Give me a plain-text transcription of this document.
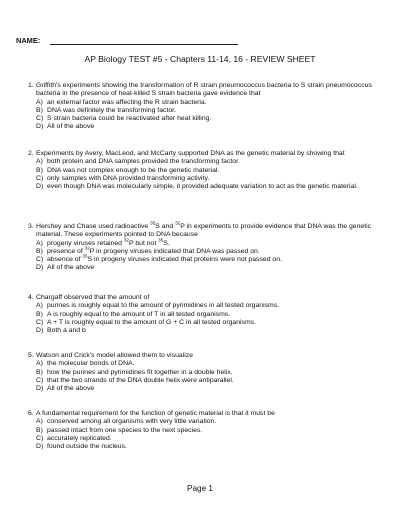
NAME:
AP Biology TEST #5 - Chapters 11-14, 16 - REVIEW SHEET
1. Griffith's experiments showing the transformation of R strain pneumococcus bacteria to S strain pneumococcus bacteria in the presence of heat-killed S strain bacteria gave evidence that
A) an external factor was affecting the R strain bacteria.
B) DNA was definitely the transforming factor.
C) S strain bacteria could be reactivated after heat killing.
D) All of the above
2. Experiments by Avery, MacLeod, and McCarty supported DNA as the genetic material by showing that
A) both protein and DNA samples provided the transforming factor.
B) DNA was not complex enough to be the genetic material.
C) only samples with DNA provided transforming activity.
D) even though DNA was molecularly simple, it provided adequate variation to act as the genetic material.
3. Hershey and Chase used radioactive $^{35}$S and $^{32}$P in experiments to provide evidence that DNA was the genetic material. These experiments pointed to DNA because
A) progeny viruses retained $^{32}$P but not $^{35}$S.
B) presence of $^{32}$P in progeny viruses indicated that DNA was passed on.
C) absence of $^{35}$S in progeny viruses indicated that proteins were not passed on.
D) All of the above
4. Chargaff observed that the amount of
A) purines is roughly equal to the amount of pyrimidines in all tested organisms.
B) A is roughly equal to the amount of T in all tested organisms.
C) A + T is roughly equal to the amount of G + C in all tested organisms.
D) Both a and b
5. Watson and Crick's model allowed them to visualize
A) the molecular bonds of DNA.
B) how the purines and pyrimidines fit together in a double helix.
C) that the two strands of the DNA double helix were antiparallel.
D) All of the above
6. A fundamental requirement for the function of genetic material is that it must be
A) conserved among all organisms with very little variation.
B) passed intact from one species to the next species.
C) accurately replicated.
D) found outside the nucleus.
Page 1
